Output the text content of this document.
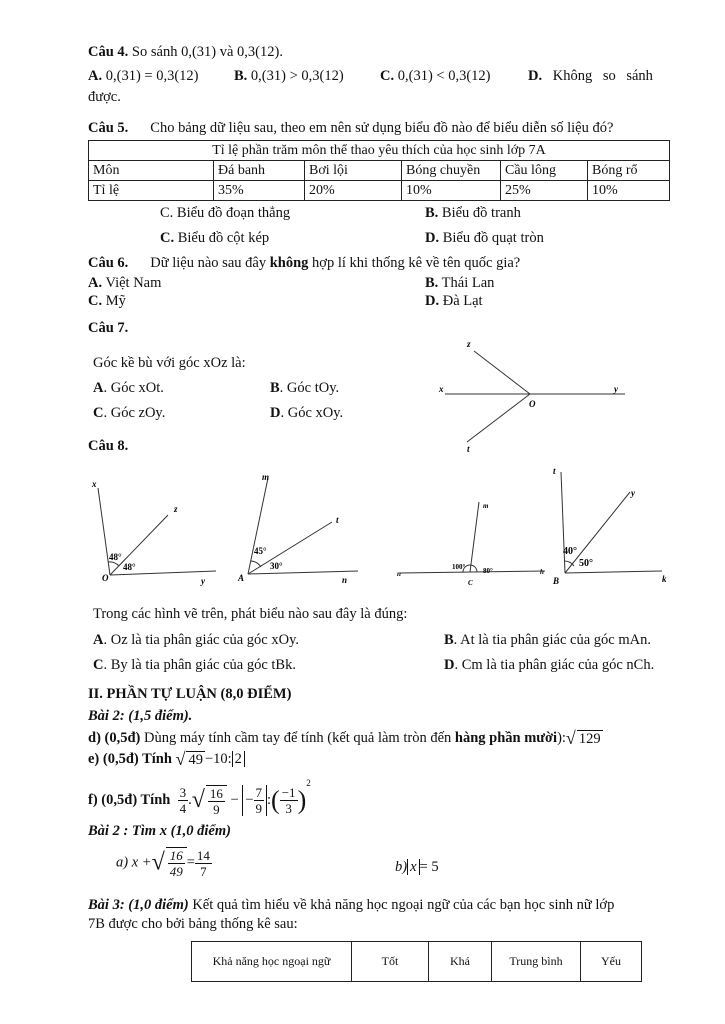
Câu 4. So sánh 0,(31) và 0,3(12).
A. 0,(31) = 0,3(12) B. 0,(31) > 0,3(12)	C. 0,(31) < 0,3(12)	D. Không so sánh
được.
Câu 5. Cho bảng dữ liệu sau, theo em nên sử dụng biểu đồ nào để biểu diễn số liệu đó?
Tỉ lệ phần trăm môn thể thao yêu thích của học sinh lớp 7A					
Môn	Đá banh	Bơi lội	Bóng chuyền	Cầu lông	Bóng rổ
Tỉ lệ	35%	20%	10%	25%	10%
C. Biểu đồ đoạn thẳng	B. Biểu đồ tranh
C. Biểu đồ cột kép	D. Biểu đồ quạt tròn
Câu 6. Dữ liệu nào sau đây không hợp lí khi thống kê về tên quốc gia?
A. Việt Nam	B. Thái Lan
C. Mỹ	D. Đà Lạt
Câu 7.
Góc kề bù với góc xOz là:
A. Góc xOt.	B. Góc tOy.
C. Góc zOy.	D. Góc xOy.
z
x	y
O
t
Câu 8.
x
z
O	y
48°
48°
m
t
A	n
45°
30°
m
n
C
h
100°	80°
t
y
B	k
40°
50°
Trong các hình vẽ trên, phát biểu nào sau đây là đúng:
A. Oz là tia phân giác của góc xOy.	B. At là tia phân giác của góc mAn.
C. By là tia phân giác của góc tBk.	D. Cm là tia phân giác của góc nCh.
II. PHẦN TỰ LUẬN (8,0 ĐIỂM)
Bài 2: (1,5 điểm).
d) (0,5đ) Dùng máy tính cầm tay để tính (kết quả làm tròn đến hàng phần mười):√ 129
e) (0,5đ) Tính √ 49 −10: 2
f) (0,5đ) Tính $\frac{3}{4}$ .√ $\frac{16}{9}$ − − $\frac{7}{9}$ :( $\frac{-1}{3} )^2$
Bài 2 : Tìm x (1,0 điểm)
a) x +√ $\frac{16}{49} = \frac{14}{7}$	b) x = 5
Bài 3: (1,0 điểm) Kết quả tìm hiểu về khả năng học ngoại ngữ của các bạn học sinh nữ lớp
7B được cho bởi bảng thống kê sau:
Khả năng học ngoại ngữ	Tốt	Khá	Trung bình	Yếu
